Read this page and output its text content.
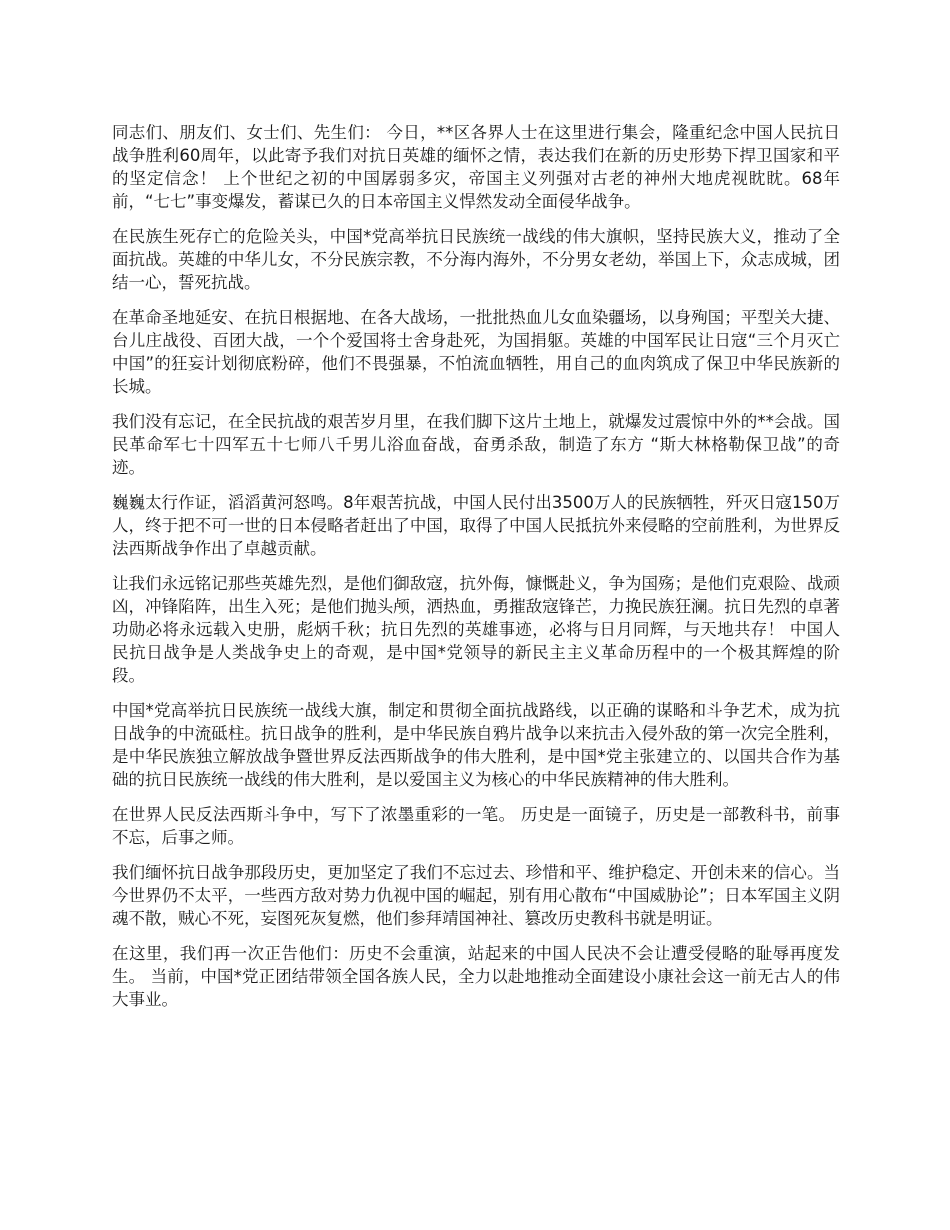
同志们、朋友们、女士们、先生们： 今日，**区各界人士在这里进行集会，隆重纪念中国人民抗日战争胜利60周年，以此寄予我们对抗日英雄的缅怀之情，表达我们在新的历史形势下捍卫国家和平的坚定信念！ 上个世纪之初的中国孱弱多灾，帝国主义列强对古老的神州大地虎视眈眈。68年前，“七七”事变爆发，蓄谋已久的日本帝国主义悍然发动全面侵华战争。

在民族生死存亡的危险关头，中国*党高举抗日民族统一战线的伟大旗帜，坚持民族大义，推动了全面抗战。英雄的中华儿女，不分民族宗教，不分海内海外，不分男女老幼，举国上下，众志成城，团结一心，誓死抗战。

在革命圣地延安、在抗日根据地、在各大战场，一批批热血儿女血染疆场，以身殉国；平型关大捷、台儿庄战役、百团大战，一个个爱国将士舍身赴死，为国捐躯。英雄的中国军民让日寇“三个月灭亡中国”的狂妄计划彻底粉碎，他们不畏强暴，不怕流血牺牲，用自己的血肉筑成了保卫中华民族新的长城。

我们没有忘记，在全民抗战的艰苦岁月里，在我们脚下这片土地上，就爆发过震惊中外的**会战。国民革命军七十四军五十七师八千男儿浴血奋战，奋勇杀敌，制造了东方 “斯大林格勒保卫战”的奇迹。

巍巍太行作证，滔滔黄河怒鸣。8年艰苦抗战，中国人民付出3500万人的民族牺牲，歼灭日寇150万人，终于把不可一世的日本侵略者赶出了中国，取得了中国人民抵抗外来侵略的空前胜利，为世界反法西斯战争作出了卓越贡献。

让我们永远铭记那些英雄先烈，是他们御敌寇，抗外侮，慷慨赴义，争为国殇；是他们克艰险、战顽凶，冲锋陷阵，出生入死；是他们抛头颅，洒热血，勇摧敌寇锋芒，力挽民族狂澜。抗日先烈的卓著功勋必将永远载入史册，彪炳千秋；抗日先烈的英雄事迹，必将与日月同辉，与天地共存！ 中国人民抗日战争是人类战争史上的奇观，是中国*党领导的新民主主义革命历程中的一个极其辉煌的阶段。

中国*党高举抗日民族统一战线大旗，制定和贯彻全面抗战路线，以正确的谋略和斗争艺术，成为抗日战争的中流砥柱。抗日战争的胜利，是中华民族自鸦片战争以来抗击入侵外敌的第一次完全胜利，是中华民族独立解放战争暨世界反法西斯战争的伟大胜利，是中国*党主张建立的、以国共合作为基础的抗日民族统一战线的伟大胜利，是以爱国主义为核心的中华民族精神的伟大胜利。

在世界人民反法西斯斗争中，写下了浓墨重彩的一笔。 历史是一面镜子，历史是一部教科书，前事不忘，后事之师。

我们缅怀抗日战争那段历史，更加坚定了我们不忘过去、珍惜和平、维护稳定、开创未来的信心。当今世界仍不太平，一些西方敌对势力仇视中国的崛起，别有用心散布“中国威胁论”；日本军国主义阴魂不散，贼心不死，妄图死灰复燃，他们参拜靖国神社、篡改历史教科书就是明证。

在这里，我们再一次正告他们：历史不会重演，站起来的中国人民决不会让遭受侵略的耻辱再度发生。 当前，中国*党正团结带领全国各族人民，全力以赴地推动全面建设小康社会这一前无古人的伟大事业。
